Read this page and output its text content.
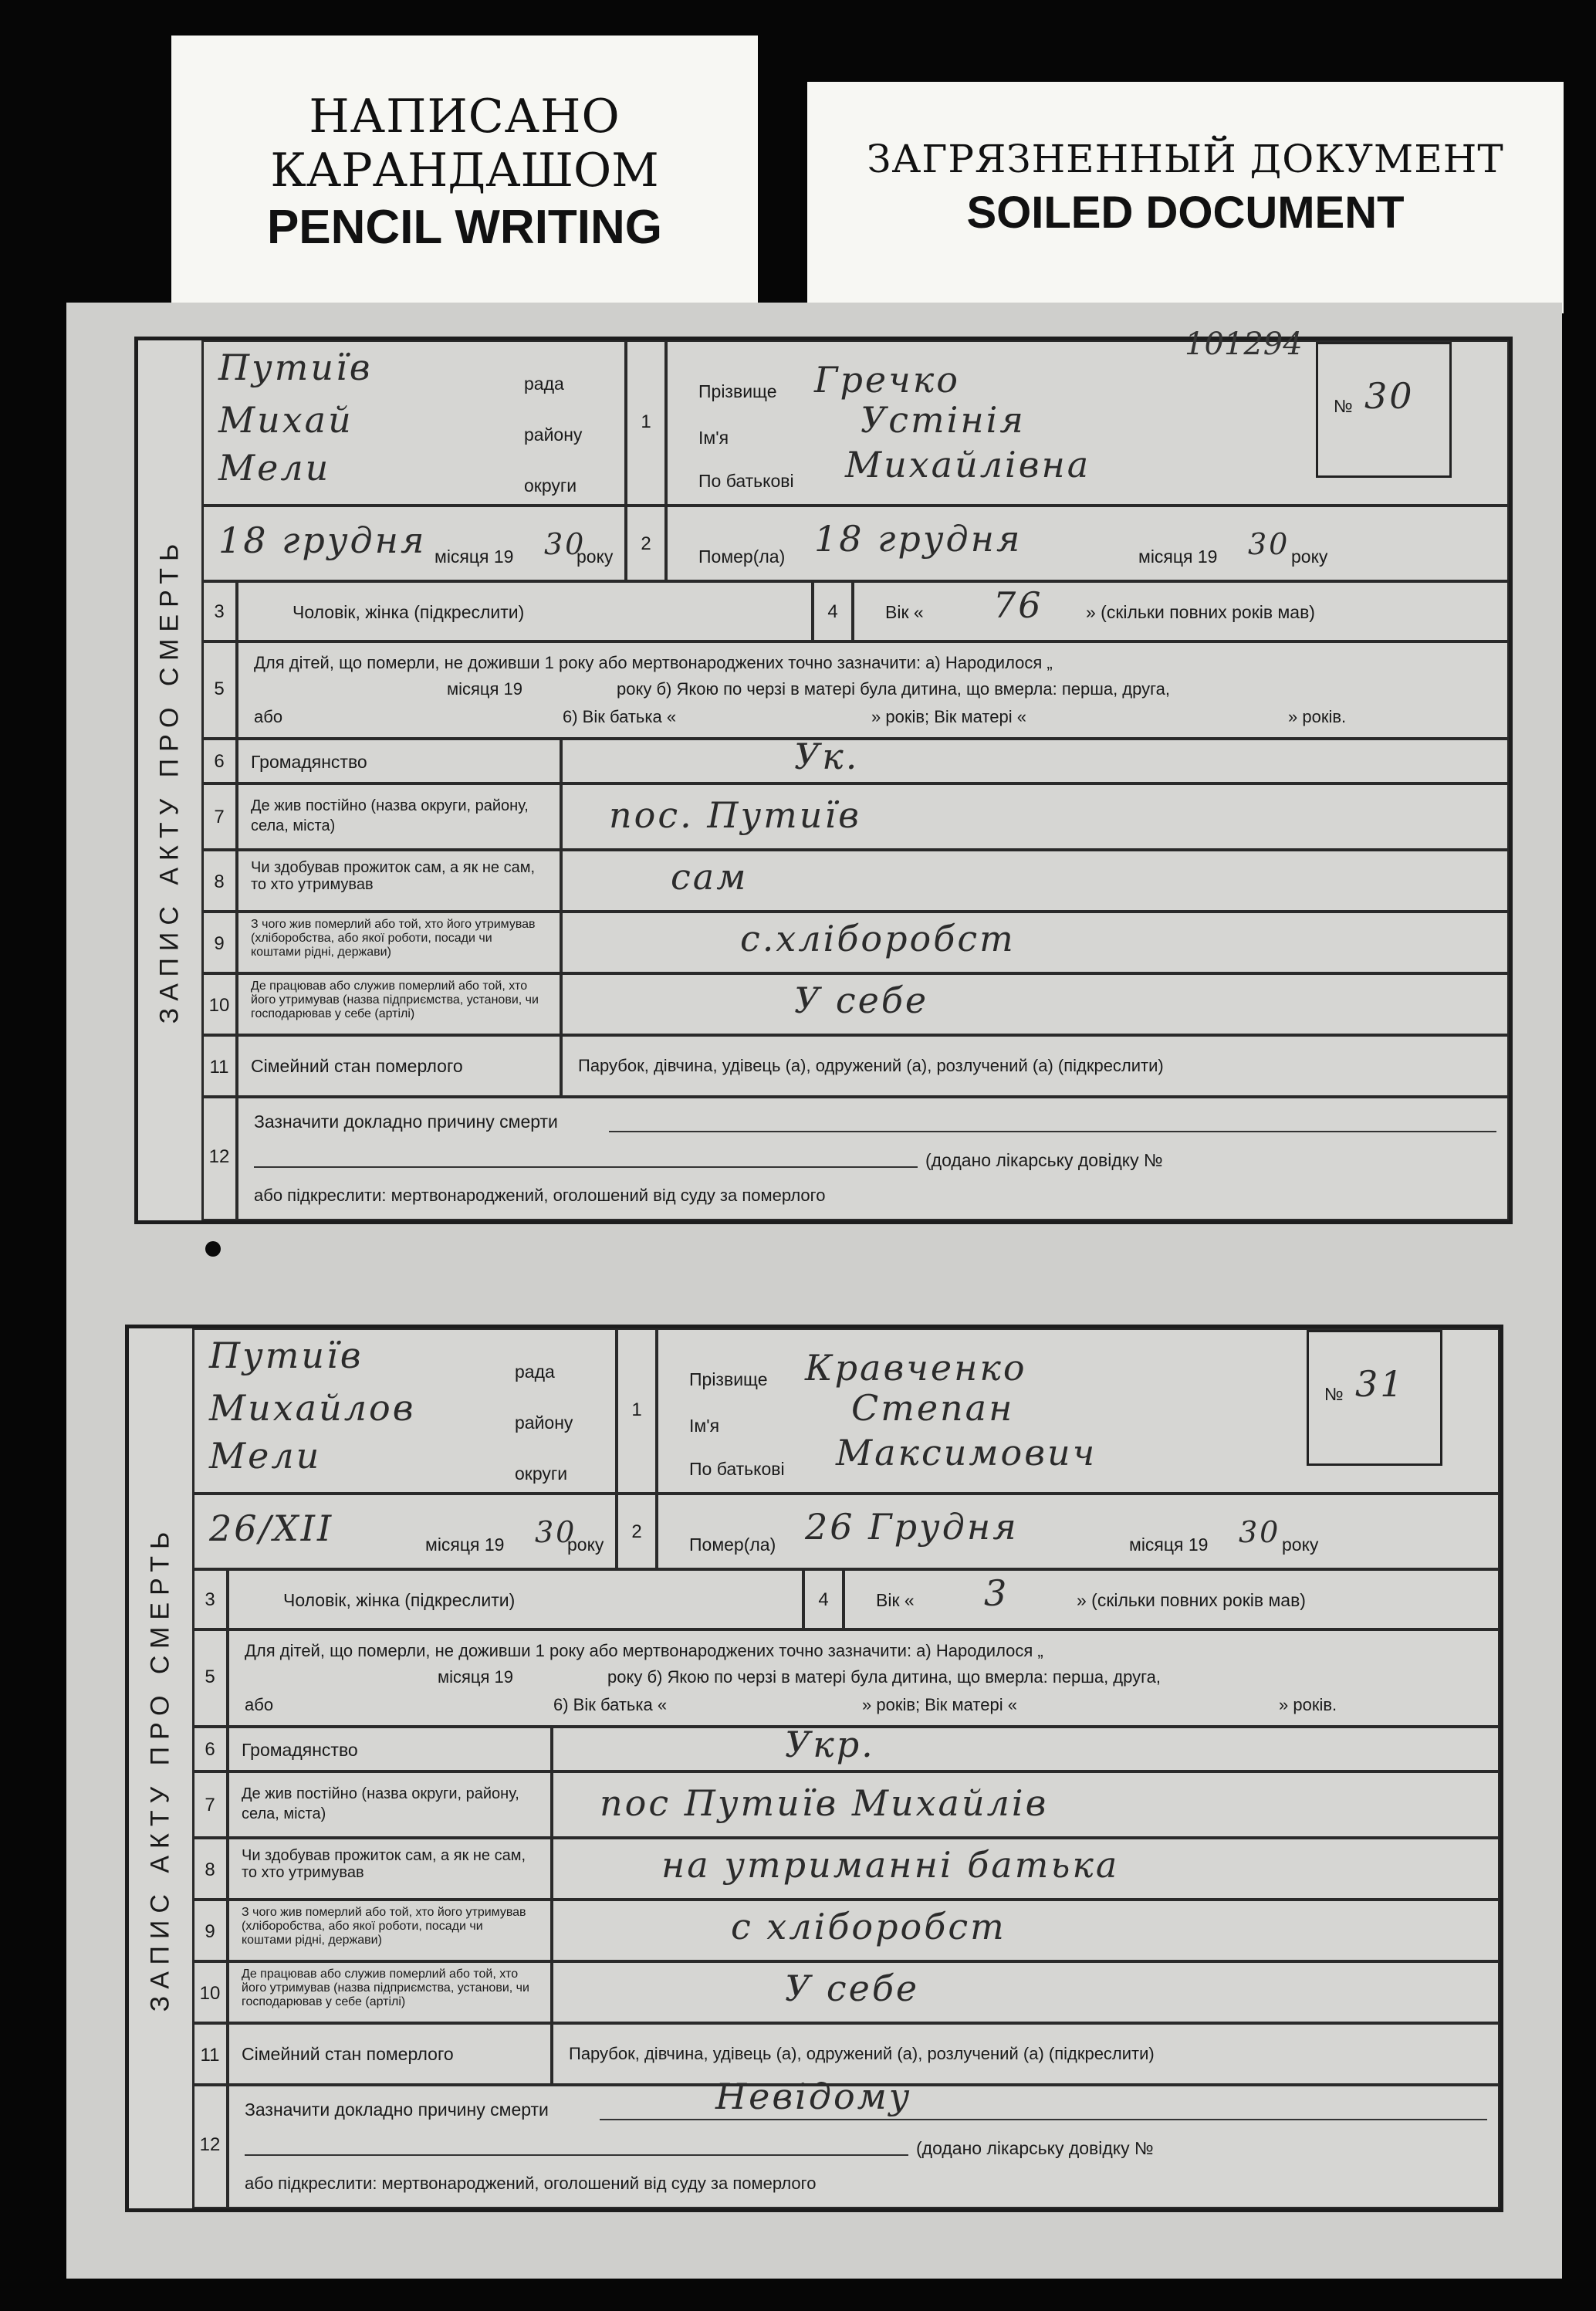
НАПИСАНО
КАРАНДАШОМ
PENCIL WRITING
ЗАГРЯЗНЕННЫЙ ДОКУМЕНТ
SOILED DOCUMENT
ЗАПИС АКТУ ПРО СМЕРТЬ
Путиїв	рада
Михай	району
Мели	округи
18 грудня місяця 19 30
року
1
2
Прізвище Гречко
Ім'я	Устінія
По батькові Михайлівна
101294
№ 30
Помер(ла) 18 грудня	місяця 19 30 року
3	Чоловік, жінка (підкреслити)	4	Вік « 76 » (скільки повних років мав)
5
Для дітей, що померли, не доживши 1 року або мертвонароджених точно зазначити: а) Народилося „
місяця 19	року б) Якою по черзі в матері була дитина, що вмерла: перша, друга,
або	6) Вік батька «	» років; Вік матері «	» років.
6	Громадянство	Ук.
7
Де жив постійно (назва округи, району, села, міста)	пос. Путиїв
8
Чи здобував прожиток сам, а як не сам, то хто утримував	сам
9
З чого жив померлий або той, хто його утримував (хліборобства, або якої роботи, посади чи коштами рідні, держави)	с.хліборобст
10
Де працював або служив померлий або той, хто його утримував (назва підприємства, установи, чи господарював у себе (артілі)	У себе
11	Сімейний стан померлого	Парубок, дівчина, удівець (а), одружений (а), розлучений (а) (підкреслити)
12
Зазначити докладно причину смерти
(додано лікарську довідку №
або підкреслити: мертвонароджений, оголошений від суду за померлого
ЗАПИС АКТУ ПРО СМЕРТЬ
Путиїв	рада
Михайлов	району
Мели	округи
26/XII	місяця 19 30
року
1
2
Прізвище Кравченко
Ім'я	Степан
По батькові Максимович
№ 31
Помер(ла) 26 Грудня	місяця 19 30 року
3	Чоловік, жінка (підкреслити)	4	Вік « 3	» (скільки повних років мав)
5
Для дітей, що померли, не доживши 1 року або мертвонароджених точно зазначити: а) Народилося „
місяця 19	року б) Якою по черзі в матері була дитина, що вмерла: перша, друга,
або	6) Вік батька «	» років; Вік матері «	» років.
6	Громадянство	Укр.
7
Де жив постійно (назва округи, району, села, міста)	пос Путиїв Михайлів
8
Чи здобував прожиток сам, а як не сам, то хто утримував	на утриманні батька
9
З чого жив померлий або той, хто його утримував (хліборобства, або якої роботи, посади чи коштами рідні, держави)	с хліборобст
10
Де працював або служив померлий або той, хто його утримував (назва підприємства, установи, чи господарював у себе (артілі)	У себе
11	Сімейний стан померлого	Парубок, дівчина, удівець (а), одружений (а), розлучений (а) (підкреслити)
12
Зазначити докладно причину смерти	Невідому
(додано лікарську довідку №
або підкреслити: мертвонароджений, оголошений від суду за померлого
